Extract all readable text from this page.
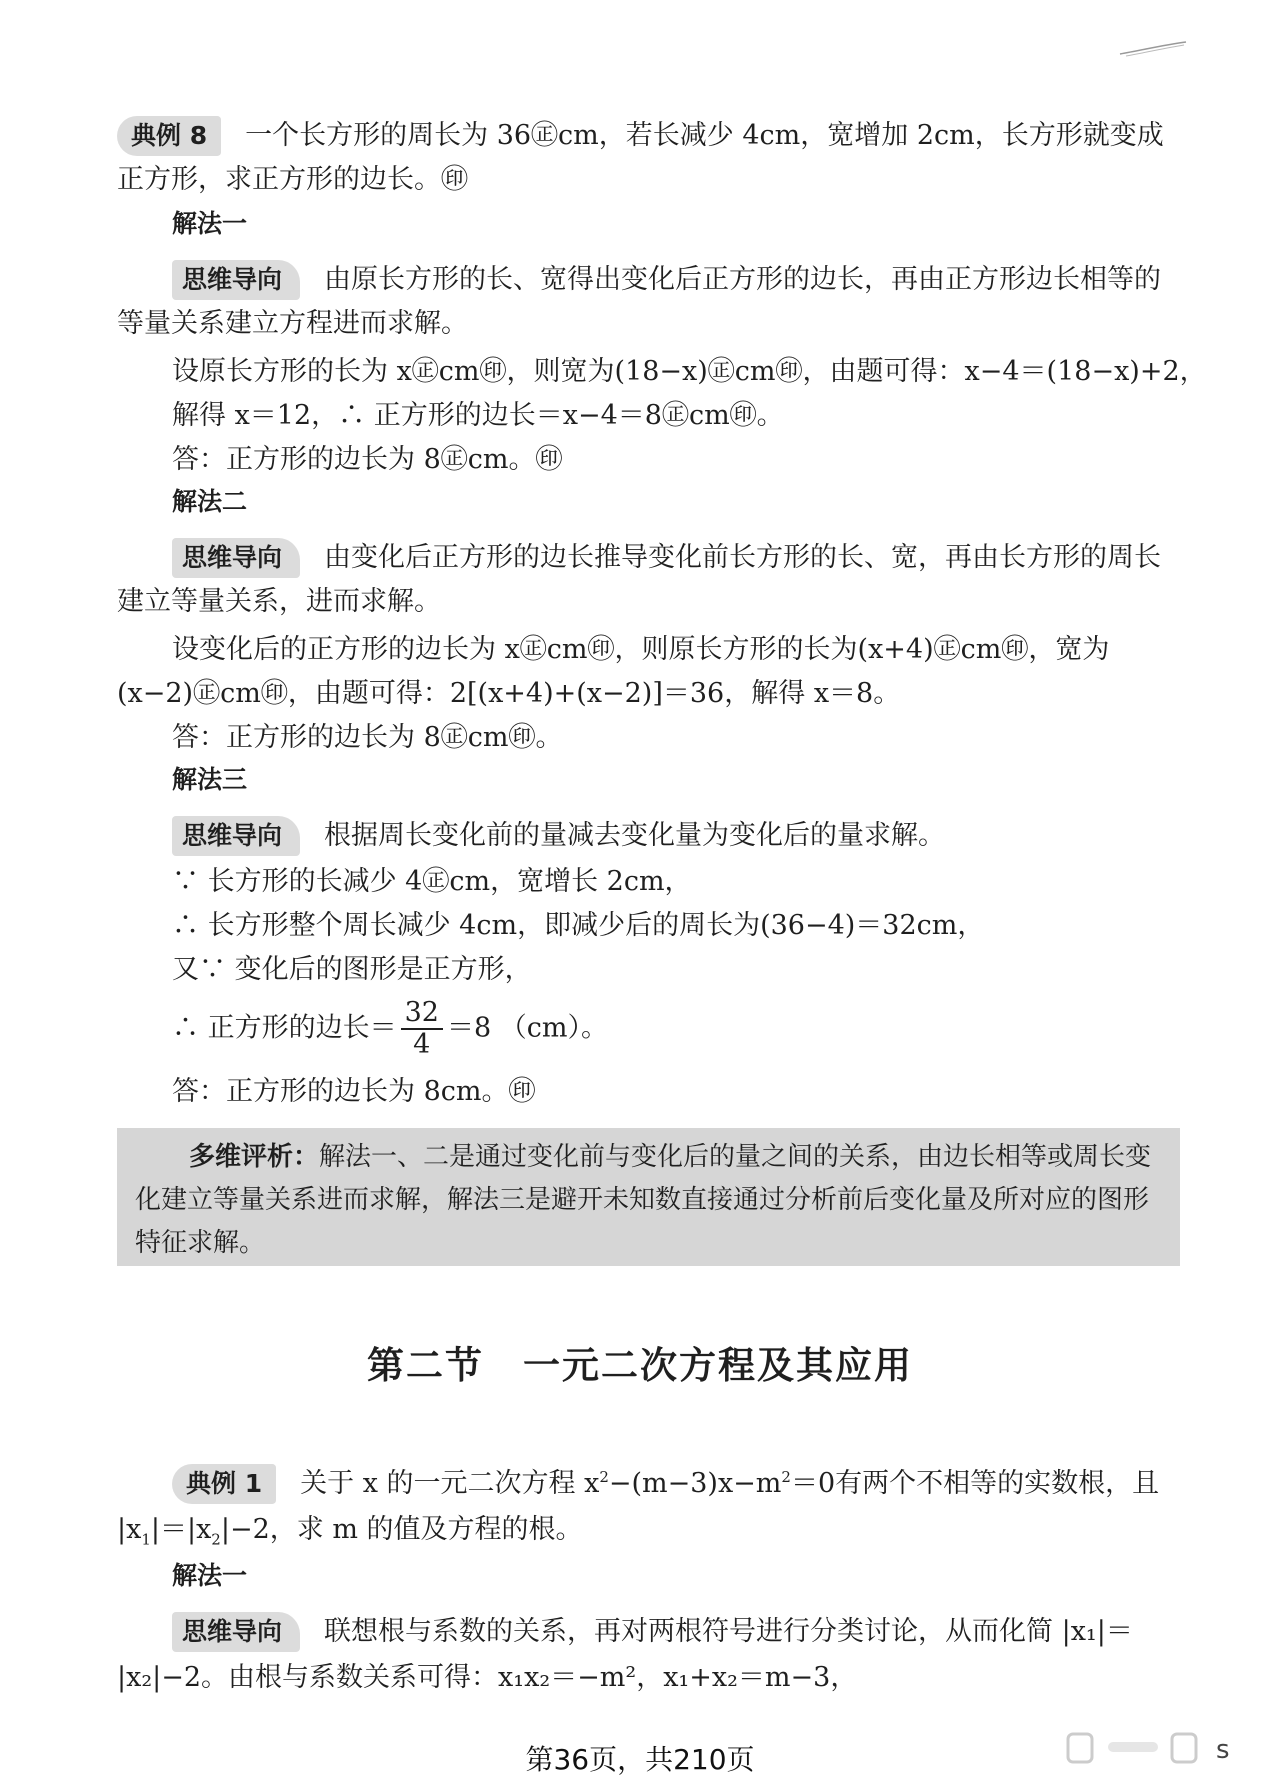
典例 8 一个长方形的周长为 36㊣cm，若长减少 4cm，宽增加 2cm，长方形就变成正方形，求正方形的边长。㊞
解法一
思维导向 由原长方形的长、宽得出变化后正方形的边长，再由正方形边长相等的等量关系建立方程进而求解。
设原长方形的长为 x㊣cm㊞，则宽为(18−x)㊣cm㊞，由题可得：x−4＝(18−x)+2，
解得 x＝12，∴ 正方形的边长＝x−4＝8㊣cm㊞。
答：正方形的边长为 8㊣cm。㊞
解法二
思维导向 由变化后正方形的边长推导变化前长方形的长、宽，再由长方形的周长建立等量关系，进而求解。
设变化后的正方形的边长为 x㊣cm㊞，则原长方形的长为(x+4)㊣cm㊞，宽为(x−2)㊣cm㊞，由题可得：2[(x+4)+(x−2)]＝36，解得 x＝8。
答：正方形的边长为 8㊣cm㊞。
解法三
思维导向 根据周长变化前的量减去变化量为变化后的量求解。
∵ 长方形的长减少 4㊣cm，宽增长 2cm，
∴ 长方形整个周长减少 4cm，即减少后的周长为(36−4)＝32cm，
又∵ 变化后的图形是正方形，
∴ 正方形的边长＝ $\frac{32}{4} =8$ （cm）。
答：正方形的边长为 8cm。㊞
多维评析：解法一、二是通过变化前与变化后的量之间的关系，由边长相等或周长变化建立等量关系进而求解，解法三是避开未知数直接通过分析前后变化量及所对应的图形特征求解。
第二节　一元二次方程及其应用
典例 1 关于 x 的一元二次方程 $x^2-(m-3)x-m^2=0$有两个不相等的实数根，且
$|x_1|=|x_2|-2$，求 m 的值及方程的根。
解法一
思维导向 联想根与系数的关系，再对两根符号进行分类讨论，从而化简 |x₁|＝
|x₂|−2。由根与系数关系可得：x₁x₂＝−m²，x₁+x₂＝m−3，
第36页，共210页	s
